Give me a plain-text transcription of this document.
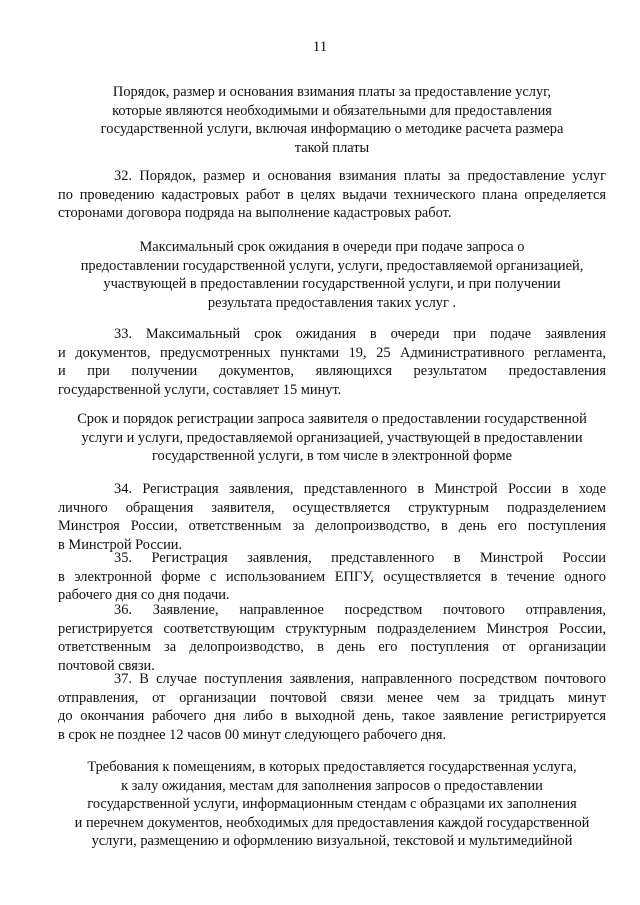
11
Порядок, размер и основания взимания платы за предоставление услуг,
которые являются необходимыми и обязательными для предоставления
государственной услуги, включая информацию о методике расчета размера
такой платы
32. Порядок, размер и основания взимания платы за предоставление услуг
по проведению кадастровых работ в целях выдачи технического плана определяется
сторонами договора подряда на выполнение кадастровых работ.
Максимальный срок ожидания в очереди при подаче запроса о
предоставлении государственной услуги, услуги, предоставляемой организацией,
участвующей в предоставлении государственной услуги, и при получении
результата предоставления таких услуг .
33. Максимальный срок ожидания в очереди при подаче заявления
и документов, предусмотренных пунктами 19, 25 Административного регламента,
и при получении документов, являющихся результатом предоставления
государственной услуги, составляет 15 минут.
Срок и порядок регистрации запроса заявителя о предоставлении государственной
услуги и услуги, предоставляемой организацией, участвующей в предоставлении
государственной услуги, в том числе в электронной форме
34. Регистрация заявления, представленного в Минстрой России в ходе
личного обращения заявителя, осуществляется структурным подразделением
Минстроя России, ответственным за делопроизводство, в день его поступления
в Минстрой России.
35. Регистрация заявления, представленного в Минстрой России
в электронной форме с использованием ЕПГУ, осуществляется в течение одного
рабочего дня со дня подачи.
36. Заявление, направленное посредством почтового отправления,
регистрируется соответствующим структурным подразделением Минстроя России,
ответственным за делопроизводство, в день его поступления от организации
почтовой связи.
37. В случае поступления заявления, направленного посредством почтового
отправления, от организации почтовой связи менее чем за тридцать минут
до окончания рабочего дня либо в выходной день, такое заявление регистрируется
в срок не позднее 12 часов 00 минут следующего рабочего дня.
Требования к помещениям, в которых предоставляется государственная услуга,
к залу ожидания, местам для заполнения запросов о предоставлении
государственной услуги, информационным стендам с образцами их заполнения
и перечнем документов, необходимых для предоставления каждой государственной
услуги, размещению и оформлению визуальной, текстовой и мультимедийной
